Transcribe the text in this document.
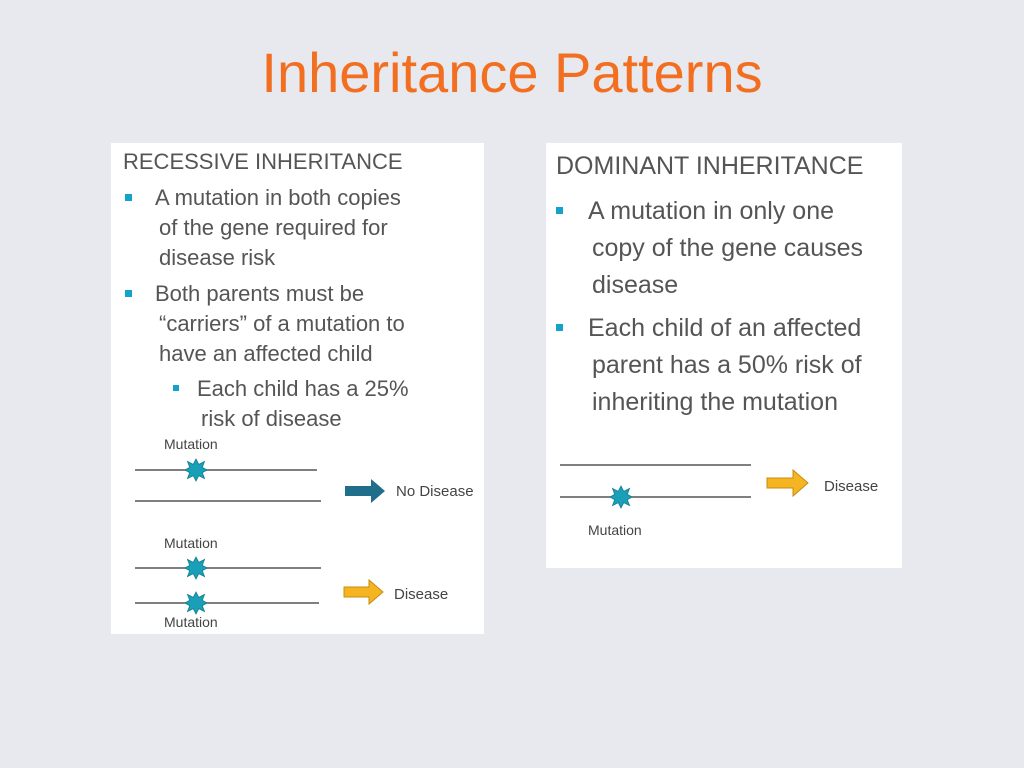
Inheritance Patterns
RECESSIVE INHERITANCE
A mutation in both copies
of the gene required for
disease risk
Both parents must be
“carriers” of a mutation to
have an affected child
Each child has a 25%
risk of disease
Mutation
No Disease
Mutation
Mutation
Disease
DOMINANT INHERITANCE
A mutation in only one
copy of the gene causes
disease
Each child of an affected
parent has a 50% risk of
inheriting the mutation
Mutation
Disease
